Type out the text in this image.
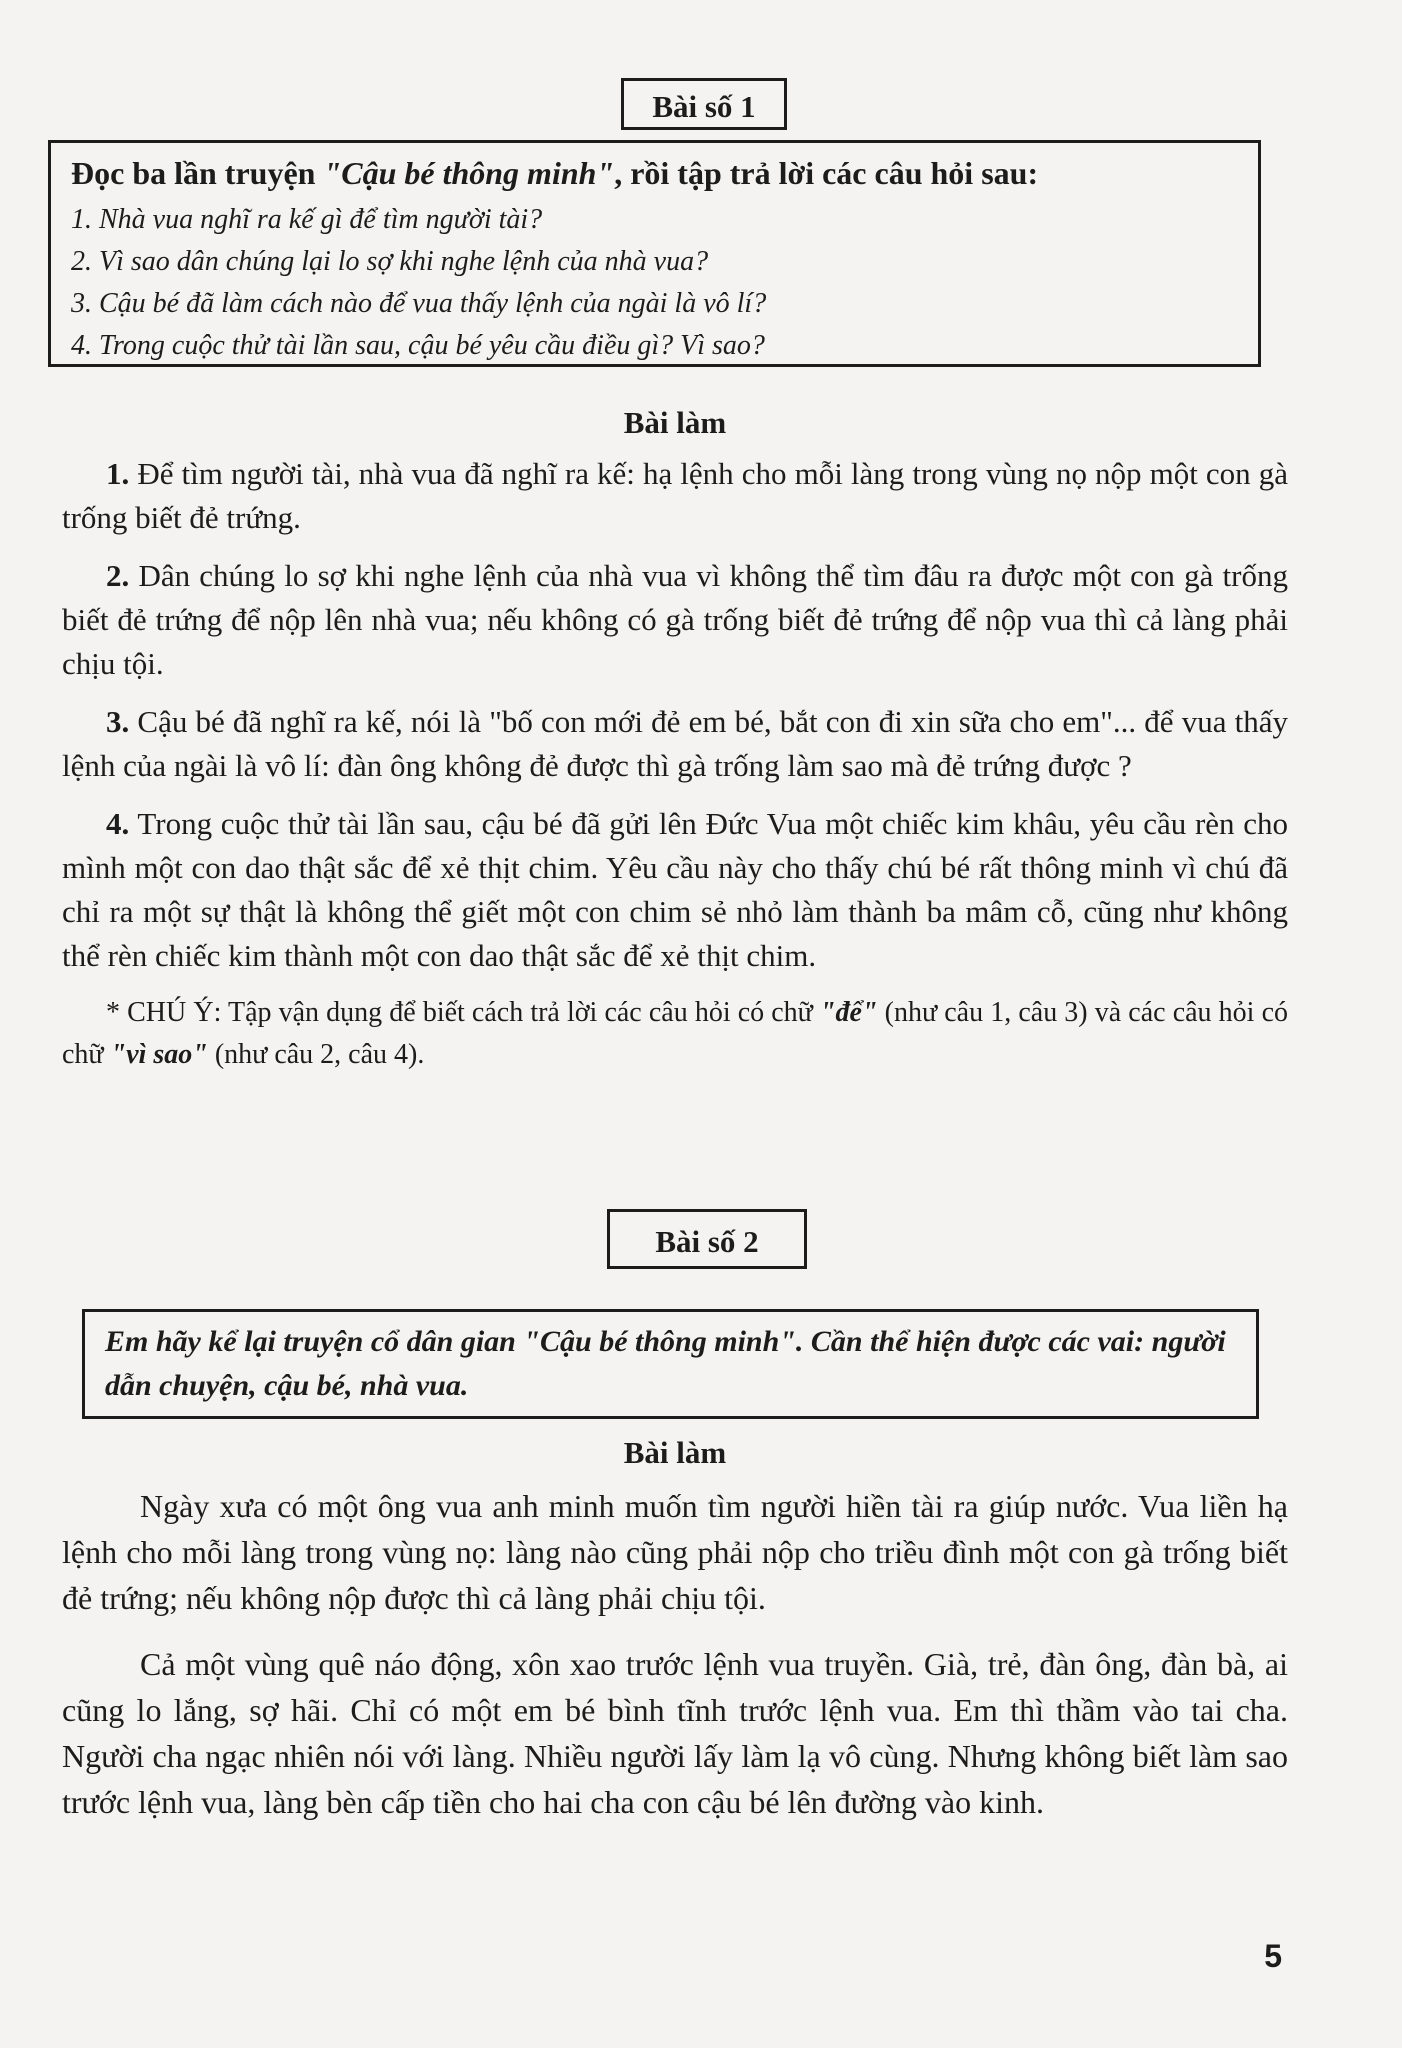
Bài số 1

Đọc ba lần truyện "Cậu bé thông minh", rồi tập trả lời các câu hỏi sau:

1. Nhà vua nghĩ ra kế gì để tìm người tài?

2. Vì sao dân chúng lại lo sợ khi nghe lệnh của nhà vua?

3. Cậu bé đã làm cách nào để vua thấy lệnh của ngài là vô lí?

4. Trong cuộc thử tài lần sau, cậu bé yêu cầu điều gì? Vì sao?

Bài làm

1. Để tìm người tài, nhà vua đã nghĩ ra kế: hạ lệnh cho mỗi làng trong vùng nọ nộp một con gà trống biết đẻ trứng.

2. Dân chúng lo sợ khi nghe lệnh của nhà vua vì không thể tìm đâu ra được một con gà trống biết đẻ trứng để nộp lên nhà vua; nếu không có gà trống biết đẻ trứng để nộp vua thì cả làng phải chịu tội.

3. Cậu bé đã nghĩ ra kế, nói là "bố con mới đẻ em bé, bắt con đi xin sữa cho em"... để vua thấy lệnh của ngài là vô lí: đàn ông không đẻ được thì gà trống làm sao mà đẻ trứng được ?

4. Trong cuộc thử tài lần sau, cậu bé đã gửi lên Đức Vua một chiếc kim khâu, yêu cầu rèn cho mình một con dao thật sắc để xẻ thịt chim. Yêu cầu này cho thấy chú bé rất thông minh vì chú đã chỉ ra một sự thật là không thể giết một con chim sẻ nhỏ làm thành ba mâm cỗ, cũng như không thể rèn chiếc kim thành một con dao thật sắc để xẻ thịt chim.

* CHÚ Ý: Tập vận dụng để biết cách trả lời các câu hỏi có chữ "để" (như câu 1, câu 3) và các câu hỏi có chữ "vì sao" (như câu 2, câu 4).

Bài số 2

Em hãy kể lại truyện cổ dân gian "Cậu bé thông minh". Cần thể hiện được các vai: người dẫn chuyện, cậu bé, nhà vua.

Bài làm

Ngày xưa có một ông vua anh minh muốn tìm người hiền tài ra giúp nước. Vua liền hạ lệnh cho mỗi làng trong vùng nọ: làng nào cũng phải nộp cho triều đình một con gà trống biết đẻ trứng; nếu không nộp được thì cả làng phải chịu tội.

Cả một vùng quê náo động, xôn xao trước lệnh vua truyền. Già, trẻ, đàn ông, đàn bà, ai cũng lo lắng, sợ hãi. Chỉ có một em bé bình tĩnh trước lệnh vua. Em thì thầm vào tai cha. Người cha ngạc nhiên nói với làng. Nhiều người lấy làm lạ vô cùng. Nhưng không biết làm sao trước lệnh vua, làng bèn cấp tiền cho hai cha con cậu bé lên đường vào kinh.

5
